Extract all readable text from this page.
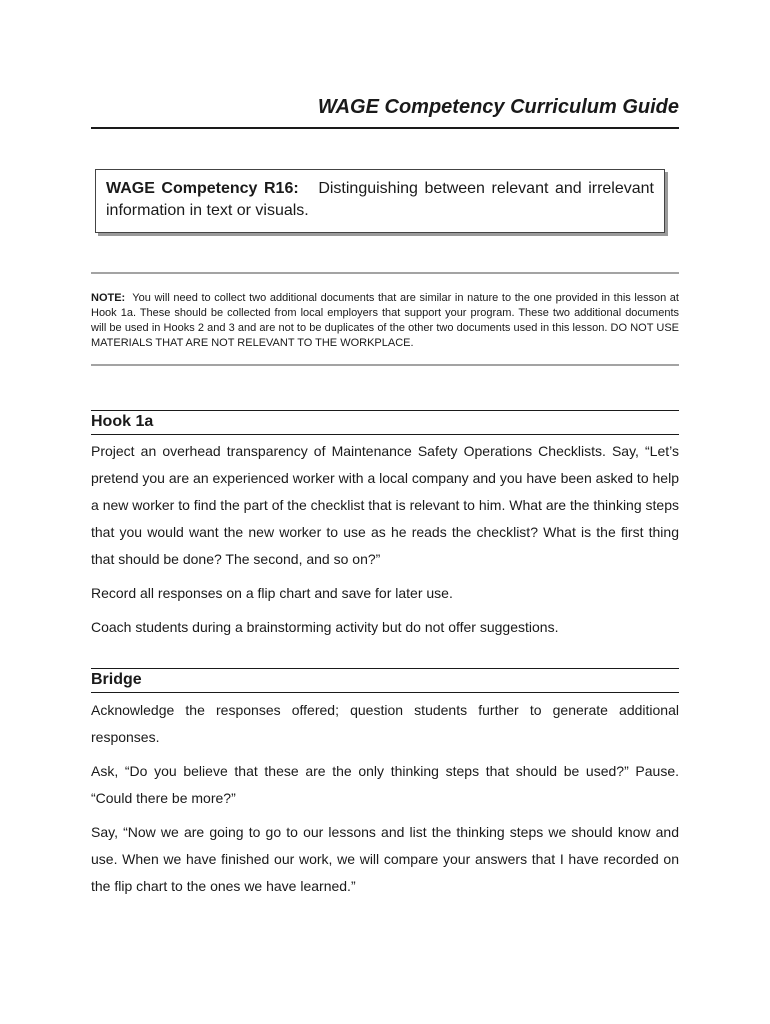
WAGE Competency Curriculum Guide
WAGE Competency R16: Distinguishing between relevant and irrelevant information in text or visuals.
NOTE: You will need to collect two additional documents that are similar in nature to the one provided in this lesson at Hook 1a. These should be collected from local employers that support your program. These two additional documents will be used in Hooks 2 and 3 and are not to be duplicates of the other two documents used in this lesson. DO NOT USE MATERIALS THAT ARE NOT RELEVANT TO THE WORKPLACE.
Hook 1a
Project an overhead transparency of Maintenance Safety Operations Checklists. Say, “Let’s pretend you are an experienced worker with a local company and you have been asked to help a new worker to find the part of the checklist that is relevant to him. What are the thinking steps that you would want the new worker to use as he reads the checklist? What is the first thing that should be done? The second, and so on?”
Record all responses on a flip chart and save for later use.
Coach students during a brainstorming activity but do not offer suggestions.
Bridge
Acknowledge the responses offered; question students further to generate additional responses.
Ask, “Do you believe that these are the only thinking steps that should be used?” Pause. “Could there be more?”
Say, “Now we are going to go to our lessons and list the thinking steps we should know and use. When we have finished our work, we will compare your answers that I have recorded on the flip chart to the ones we have learned.”
